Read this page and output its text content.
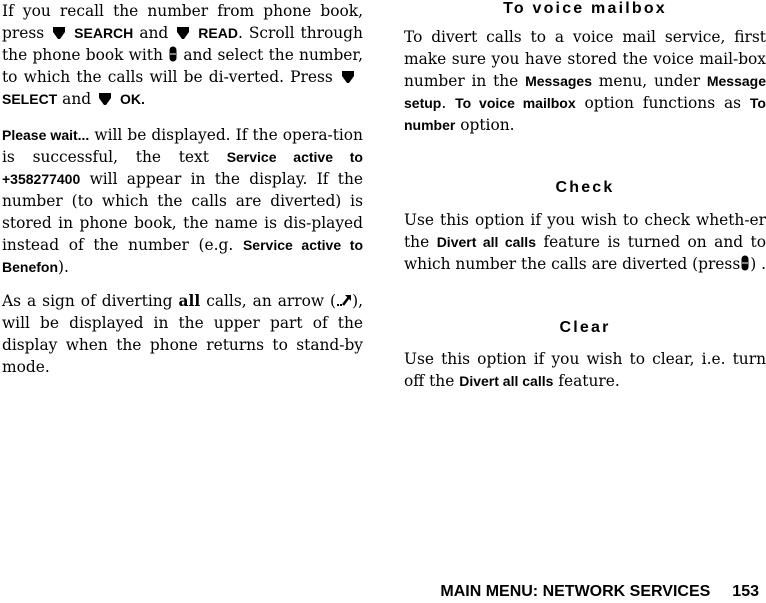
If you recall the number from phone book, press SEARCH and READ. Scroll through the phone book with and select the number, to which the calls will be di-verted. Press
SELECT and OK.

Please wait... will be displayed. If the opera-tion is successful, the text Service active to +358277400 will appear in the display. If the number (to which the calls are diverted) is stored in phone book, the name is dis-played instead of the number (e.g. Service active to Benefon).

As a sign of diverting all calls, an arrow ( ), will be displayed in the upper part of the display when the phone returns to stand-by mode.

To voice mailbox

To divert calls to a voice mail service, first make sure you have stored the voice mail-box number in the Messages menu, under Message setup. To voice mailbox option functions as To number option.

Check

Use this option if you wish to check wheth-er the Divert all calls feature is turned on and to which number the calls are diverted (press ) .

Clear

Use this option if you wish to clear, i.e. turn off the Divert all calls feature.

MAIN MENU: NETWORK SERVICES 153
